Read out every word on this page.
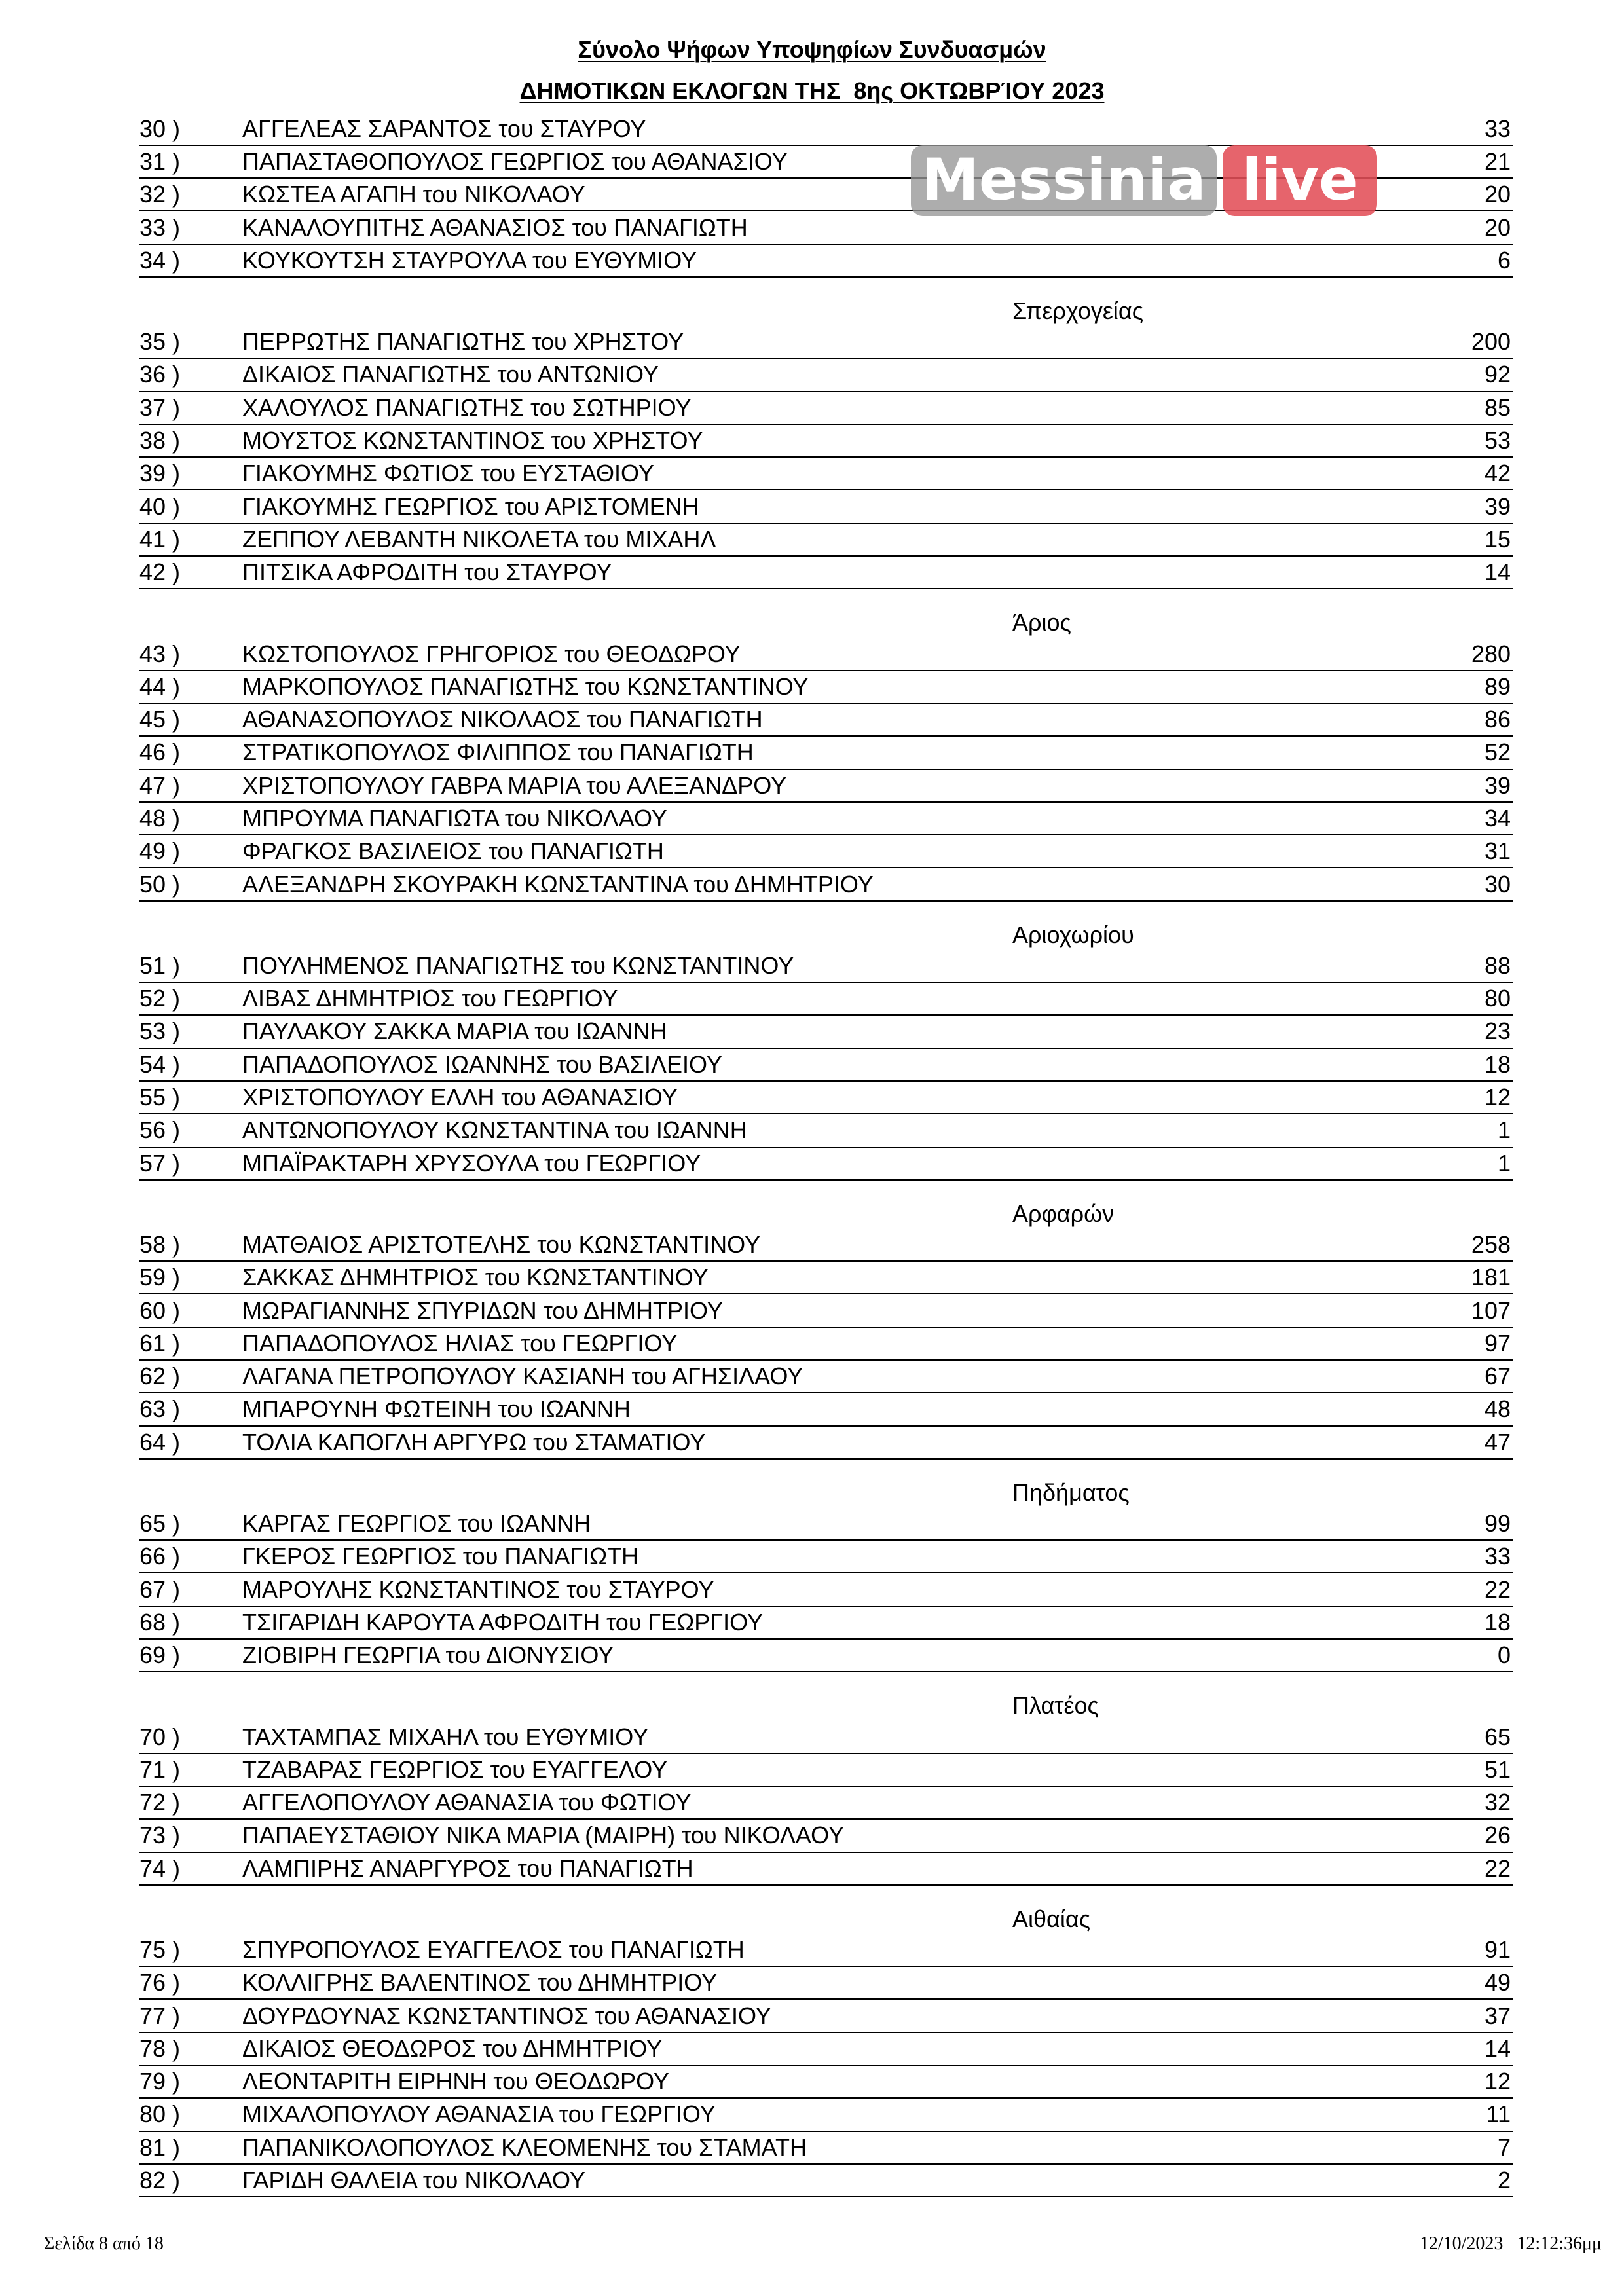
Σύνολο Ψήφων Υποψηφίων Συνδυασμών
ΔΗΜΟΤΙΚΩΝ ΕΚΛΟΓΩΝ ΤΗΣ  8ης ΟΚΤΩΒΡΊΟΥ 2023
Messinia live
30 )	ΑΓΓΕΛΕΑΣ ΣΑΡΑΝΤΟΣ του ΣΤΑΥΡΟΥ	33
31 )	ΠΑΠΑΣΤΑΘΟΠΟΥΛΟΣ ΓΕΩΡΓΙΟΣ του ΑΘΑΝΑΣΙΟΥ	21
32 )	ΚΩΣΤΕΑ ΑΓΑΠΗ του ΝΙΚΟΛΑΟΥ	20
33 )	ΚΑΝΑΛΟΥΠΙΤΗΣ ΑΘΑΝΑΣΙΟΣ του ΠΑΝΑΓΙΩΤΗ	20
34 )	ΚΟΥΚΟΥΤΣΗ ΣΤΑΥΡΟΥΛΑ του ΕΥΘΥΜΙΟΥ	6
Σπερχογείας
35 )	ΠΕΡΡΩΤΗΣ ΠΑΝΑΓΙΩΤΗΣ του ΧΡΗΣΤΟΥ	200
36 )	ΔΙΚΑΙΟΣ ΠΑΝΑΓΙΩΤΗΣ του ΑΝΤΩΝΙΟΥ	92
37 )	ΧΑΛΟΥΛΟΣ ΠΑΝΑΓΙΩΤΗΣ του ΣΩΤΗΡΙΟΥ	85
38 )	ΜΟΥΣΤΟΣ ΚΩΝΣΤΑΝΤΙΝΟΣ του ΧΡΗΣΤΟΥ	53
39 )	ΓΙΑΚΟΥΜΗΣ ΦΩΤΙΟΣ του ΕΥΣΤΑΘΙΟΥ	42
40 )	ΓΙΑΚΟΥΜΗΣ ΓΕΩΡΓΙΟΣ του ΑΡΙΣΤΟΜΕΝΗ	39
41 )	ΖΕΠΠΟΥ ΛΕΒΑΝΤΗ ΝΙΚΟΛΕΤΑ του ΜΙΧΑΗΛ	15
42 )	ΠΙΤΣΙΚΑ ΑΦΡΟΔΙΤΗ του ΣΤΑΥΡΟΥ	14
Άριος
43 )	ΚΩΣΤΟΠΟΥΛΟΣ ΓΡΗΓΟΡΙΟΣ του ΘΕΟΔΩΡΟΥ	280
44 )	ΜΑΡΚΟΠΟΥΛΟΣ ΠΑΝΑΓΙΩΤΗΣ του ΚΩΝΣΤΑΝΤΙΝΟΥ	89
45 )	ΑΘΑΝΑΣΟΠΟΥΛΟΣ ΝΙΚΟΛΑΟΣ του ΠΑΝΑΓΙΩΤΗ	86
46 )	ΣΤΡΑΤΙΚΟΠΟΥΛΟΣ ΦΙΛΙΠΠΟΣ του ΠΑΝΑΓΙΩΤΗ	52
47 )	ΧΡΙΣΤΟΠΟΥΛΟΥ ΓΑΒΡΑ ΜΑΡΙΑ του ΑΛΕΞΑΝΔΡΟΥ	39
48 )	ΜΠΡΟΥΜΑ ΠΑΝΑΓΙΩΤΑ του ΝΙΚΟΛΑΟΥ	34
49 )	ΦΡΑΓΚΟΣ ΒΑΣΙΛΕΙΟΣ του ΠΑΝΑΓΙΩΤΗ	31
50 )	ΑΛΕΞΑΝΔΡΗ ΣΚΟΥΡΑΚΗ ΚΩΝΣΤΑΝΤΙΝΑ του ΔΗΜΗΤΡΙΟΥ	30
Αριοχωρίου
51 )	ΠΟΥΛΗΜΕΝΟΣ ΠΑΝΑΓΙΩΤΗΣ του ΚΩΝΣΤΑΝΤΙΝΟΥ	88
52 )	ΛΙΒΑΣ ΔΗΜΗΤΡΙΟΣ του ΓΕΩΡΓΙΟΥ	80
53 )	ΠΑΥΛΑΚΟΥ ΣΑΚΚΑ ΜΑΡΙΑ του ΙΩΑΝΝΗ	23
54 )	ΠΑΠΑΔΟΠΟΥΛΟΣ ΙΩΑΝΝΗΣ του ΒΑΣΙΛΕΙΟΥ	18
55 )	ΧΡΙΣΤΟΠΟΥΛΟΥ ΕΛΛΗ του ΑΘΑΝΑΣΙΟΥ	12
56 )	ΑΝΤΩΝΟΠΟΥΛΟΥ ΚΩΝΣΤΑΝΤΙΝΑ του ΙΩΑΝΝΗ	1
57 )	ΜΠΑΪΡΑΚΤΑΡΗ ΧΡΥΣΟΥΛΑ του ΓΕΩΡΓΙΟΥ	1
Αρφαρών
58 )	ΜΑΤΘΑΙΟΣ ΑΡΙΣΤΟΤΕΛΗΣ του ΚΩΝΣΤΑΝΤΙΝΟΥ	258
59 )	ΣΑΚΚΑΣ ΔΗΜΗΤΡΙΟΣ του ΚΩΝΣΤΑΝΤΙΝΟΥ	181
60 )	ΜΩΡΑΓΙΑΝΝΗΣ ΣΠΥΡΙΔΩΝ του ΔΗΜΗΤΡΙΟΥ	107
61 )	ΠΑΠΑΔΟΠΟΥΛΟΣ ΗΛΙΑΣ του ΓΕΩΡΓΙΟΥ	97
62 )	ΛΑΓΑΝΑ ΠΕΤΡΟΠΟΥΛΟΥ ΚΑΣΙΑΝΗ του ΑΓΗΣΙΛΑΟΥ	67
63 )	ΜΠΑΡΟΥΝΗ ΦΩΤΕΙΝΗ του ΙΩΑΝΝΗ	48
64 )	ΤΟΛΙΑ ΚΑΠΟΓΛΗ ΑΡΓΥΡΩ του ΣΤΑΜΑΤΙΟΥ	47
Πηδήματος
65 )	ΚΑΡΓΑΣ ΓΕΩΡΓΙΟΣ του ΙΩΑΝΝΗ	99
66 )	ΓΚΕΡΟΣ ΓΕΩΡΓΙΟΣ του ΠΑΝΑΓΙΩΤΗ	33
67 )	ΜΑΡΟΥΛΗΣ ΚΩΝΣΤΑΝΤΙΝΟΣ του ΣΤΑΥΡΟΥ	22
68 )	ΤΣΙΓΑΡΙΔΗ ΚΑΡΟΥΤΑ ΑΦΡΟΔΙΤΗ του ΓΕΩΡΓΙΟΥ	18
69 )	ΖΙΟΒΙΡΗ ΓΕΩΡΓΙΑ του ΔΙΟΝΥΣΙΟΥ	0
Πλατέος
70 )	ΤΑΧΤΑΜΠΑΣ ΜΙΧΑΗΛ του ΕΥΘΥΜΙΟΥ	65
71 )	ΤΖΑΒΑΡΑΣ ΓΕΩΡΓΙΟΣ του ΕΥΑΓΓΕΛΟΥ	51
72 )	ΑΓΓΕΛΟΠΟΥΛΟΥ ΑΘΑΝΑΣΙΑ του ΦΩΤΙΟΥ	32
73 )	ΠΑΠΑΕΥΣΤΑΘΙΟΥ ΝΙΚΑ ΜΑΡΙΑ (ΜΑΙΡΗ) του ΝΙΚΟΛΑΟΥ	26
74 )	ΛΑΜΠΙΡΗΣ ΑΝΑΡΓΥΡΟΣ του ΠΑΝΑΓΙΩΤΗ	22
Αιθαίας
75 )	ΣΠΥΡΟΠΟΥΛΟΣ ΕΥΑΓΓΕΛΟΣ του ΠΑΝΑΓΙΩΤΗ	91
76 )	ΚΟΛΛΙΓΡΗΣ ΒΑΛΕΝΤΙΝΟΣ του ΔΗΜΗΤΡΙΟΥ	49
77 )	ΔΟΥΡΔΟΥΝΑΣ ΚΩΝΣΤΑΝΤΙΝΟΣ του ΑΘΑΝΑΣΙΟΥ	37
78 )	ΔΙΚΑΙΟΣ ΘΕΟΔΩΡΟΣ του ΔΗΜΗΤΡΙΟΥ	14
79 )	ΛΕΟΝΤΑΡΙΤΗ ΕΙΡΗΝΗ του ΘΕΟΔΩΡΟΥ	12
80 )	ΜΙΧΑΛΟΠΟΥΛΟΥ ΑΘΑΝΑΣΙΑ του ΓΕΩΡΓΙΟΥ	11
81 )	ΠΑΠΑΝΙΚΟΛΟΠΟΥΛΟΣ ΚΛΕΟΜΕΝΗΣ του ΣΤΑΜΑΤΗ	7
82 )	ΓΑΡΙΔΗ ΘΑΛΕΙΑ του ΝΙΚΟΛΑΟΥ	2
Σελίδα 8 από 18	12/10/2023   12:12:36μμ
